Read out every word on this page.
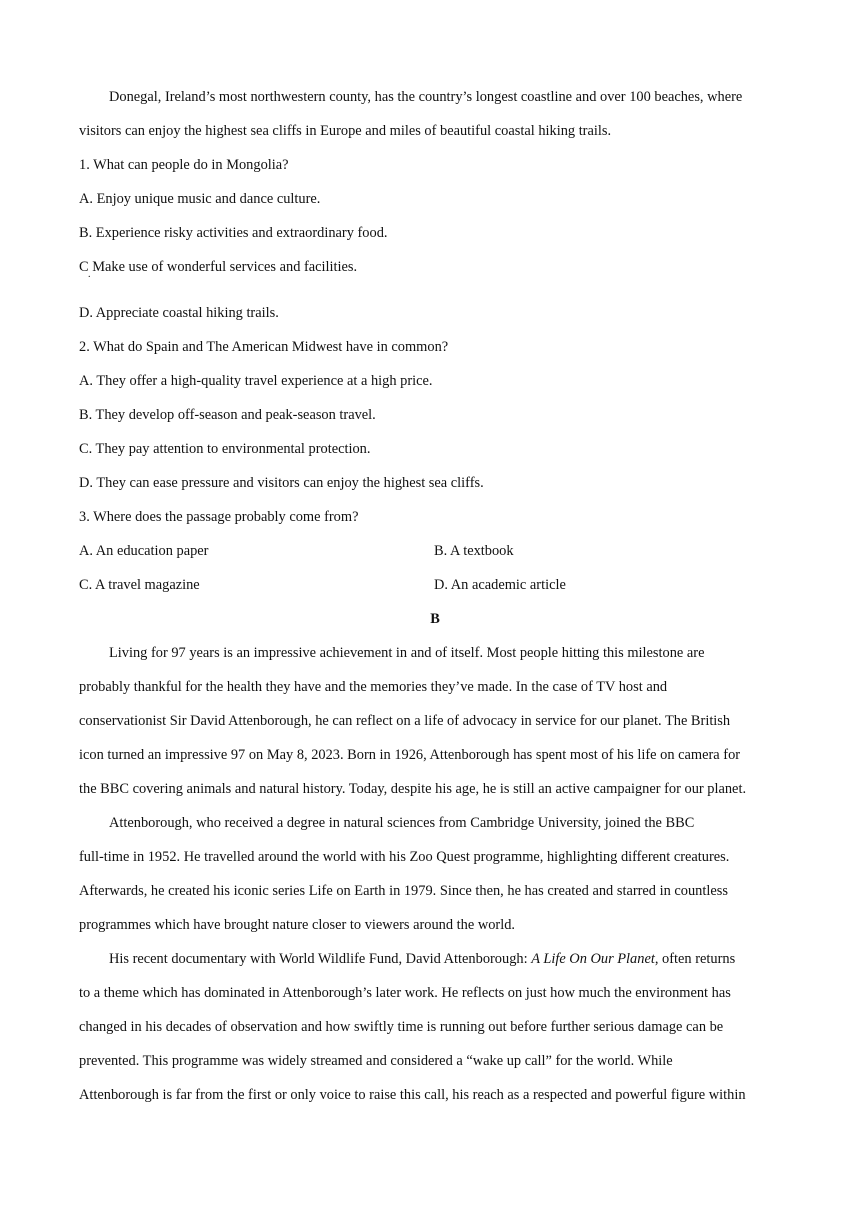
Donegal, Ireland’s most northwestern county, has the country’s longest coastline and over 100 beaches, where
visitors can enjoy the highest sea cliffs in Europe and miles of beautiful coastal hiking trails.
1. What can people do in Mongolia?
A. Enjoy unique music and dance culture.
B. Experience risky activities and extraordinary food.
C Make use of wonderful services and facilities. .
D. Appreciate coastal hiking trails.
2. What do Spain and The American Midwest have in common?
A. They offer a high-quality travel experience at a high price.
B. They develop off-season and peak-season travel.
C. They pay attention to environmental protection.
D. They can ease pressure and visitors can enjoy the highest sea cliffs.
3. Where does the passage probably come from?
A. An education paper	B. A textbook
C. A travel magazine	D. An academic article
B
Living for 97 years is an impressive achievement in and of itself. Most people hitting this milestone are
probably thankful for the health they have and the memories they’ve made. In the case of TV host and
conservationist Sir David Attenborough, he can reflect on a life of advocacy in service for our planet. The British
icon turned an impressive 97 on May 8, 2023. Born in 1926, Attenborough has spent most of his life on camera for
the BBC covering animals and natural history. Today, despite his age, he is still an active campaigner for our planet.
Attenborough, who received a degree in natural sciences from Cambridge University, joined the BBC
full-time in 1952. He travelled around the world with his Zoo Quest programme, highlighting different creatures.
Afterwards, he created his iconic series Life on Earth in 1979. Since then, he has created and starred in countless
programmes which have brought nature closer to viewers around the world.
His recent documentary with World Wildlife Fund, David Attenborough: A Life On Our Planet, often returns
to a theme which has dominated in Attenborough’s later work. He reflects on just how much the environment has
changed in his decades of observation and how swiftly time is running out before further serious damage can be
prevented. This programme was widely streamed and considered a “wake up call” for the world. While
Attenborough is far from the first or only voice to raise this call, his reach as a respected and powerful figure within
